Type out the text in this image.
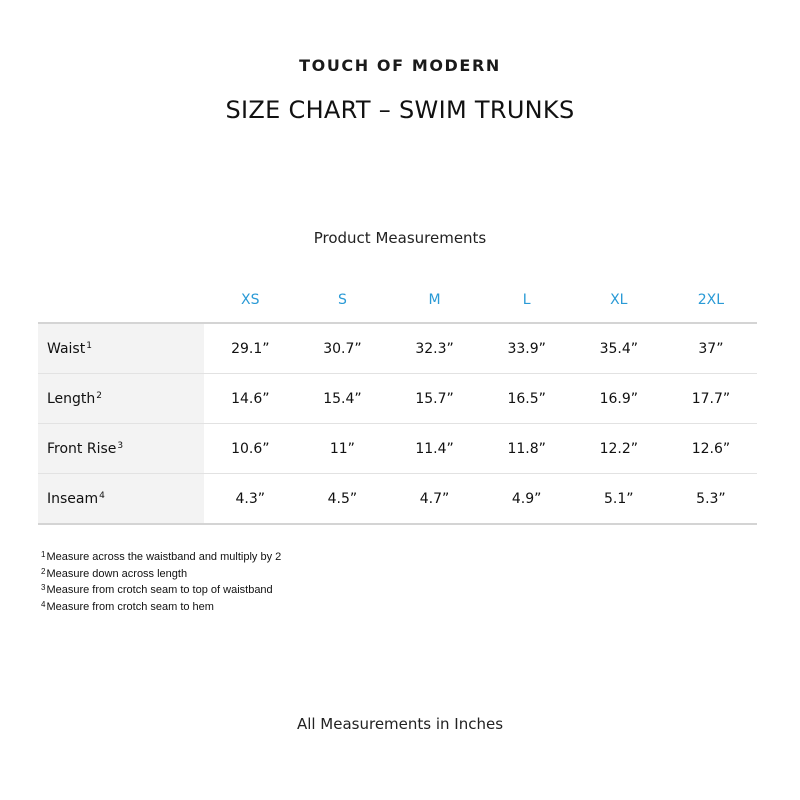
TOUCH OF MODERN
SIZE CHART – SWIM TRUNKS
Product Measurements
	XS	S	M	L	XL	2XL
Waist$^1$	29.1”	30.7”	32.3”	33.9”	35.4”	37”
Length$^2$	14.6”	15.4”	15.7”	16.5”	16.9”	17.7”
Front Rise$^3$	10.6”	11”	11.4”	11.8”	12.2”	12.6”
Inseam$^4$	4.3”	4.5”	4.7”	4.9”	5.1”	5.3”
$^1$Measure across the waistband and multiply by 2
$^2$Measure down across length
$^3$Measure from crotch seam to top of waistband
$^4$Measure from crotch seam to hem
All Measurements in Inches
